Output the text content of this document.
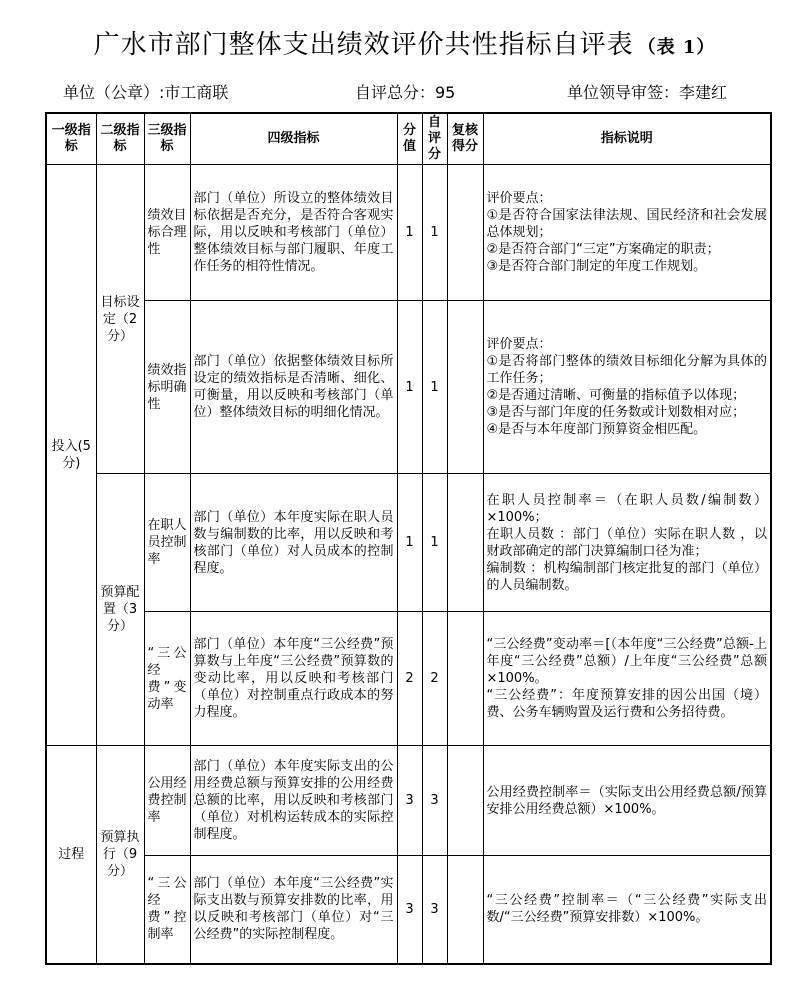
广水市部门整体支出绩效评价共性指标自评表 （表 1）
单位（公章）:市工商联	自评总分：95	单位领导审签：李建红
一级指标	二级指标	三级指标	四级指标	分值	自评分	复核得分	指标说明
投入(5分)	目标设定（2分）	绩效目标合理性	部门（单位）所设立的整体绩效目标依据是否充分，是否符合客观实际，用以反映和考核部门（单位）整体绩效目标与部门履职、年度工作任务的相符性情况。	1	1		评价要点：
①是否符合国家法律法规、国民经济和社会发展总体规划；
②是否符合部门“三定”方案确定的职责；
③是否符合部门制定的年度工作规划。

		绩效指标明确性	部门（单位）依据整体绩效目标所设定的绩效指标是否清晰、细化、可衡量，用以反映和考核部门（单位）整体绩效目标的明细化情况。	1	1		评价要点：
①是否将部门整体的绩效目标细化分解为具体的工作任务；
②是否通过清晰、可衡量的指标值予以体现；
③是否与部门年度的任务数或计划数相对应；
④是否与本年度部门预算资金相匹配。

	预算配置（3分）	在职人员控制率	部门（单位）本年度实际在职人员数与编制数的比率，用以反映和考核部门（单位）对人员成本的控制程度。	1	1		在职人员控制率＝（在职人员数/编制数）×100%；
在职人员数 ：部门（单位）实际在职人数 ，以财政部确定的部门决算编制口径为准；
编制数 ：机构编制部门核定批复的部门（单位）的人员编制数。

		“三公经费”变动率	部门（单位）本年度“三公经费”预算数与上年度“三公经费”预算数的变动比率，用以反映和考核部门（单位）对控制重点行政成本的努力程度。	2	2		“三公经费”变动率＝[（本年度“三公经费”总额-上年度“三公经费”总额）/上年度“三公经费”总额×100%。
“三公经费”：年度预算安排的因公出国（境）费、公务车辆购置及运行费和公务招待费。

过程	预算执行（9分）	公用经费控制率	部门（单位）本年度实际支出的公用经费总额与预算安排的公用经费总额的比率，用以反映和考核部门（单位）对机构运转成本的实际控制程度。	3	3		公用经费控制率＝（实际支出公用经费总额/预算安排公用经费总额）×100%。

		“三公经费”控制率	部门（单位）本年度“三公经费”实际支出数与预算安排数的比率，用以反映和考核部门（单位）对“三公经费”的实际控制程度。	3	3		“三公经费”控制率＝（“三公经费”实际支出数/“三公经费”预算安排数）×100%。
